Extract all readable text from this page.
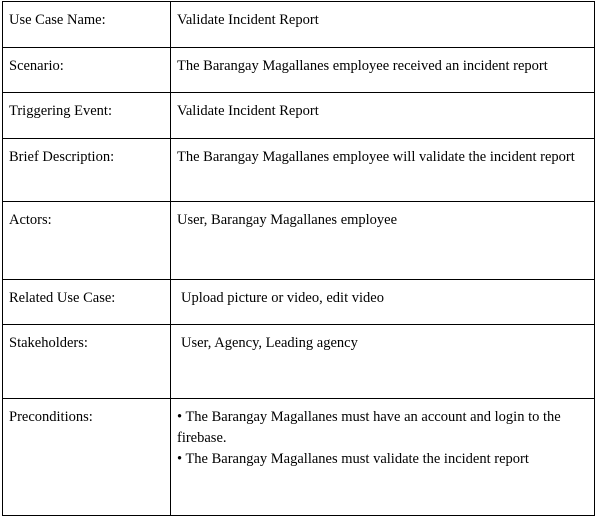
Use Case Name:	Validate Incident Report
Scenario:	The Barangay Magallanes employee received an incident report
Triggering Event:	Validate Incident Report
Brief Description:	The Barangay Magallanes employee will validate the incident report
Actors:	User, Barangay Magallanes employee
Related Use Case:	Upload picture or video, edit video
Stakeholders:	User, Agency, Leading agency
Preconditions:	• The Barangay Magallanes must have an account and login to the firebase.
• The Barangay Magallanes must validate the incident report
